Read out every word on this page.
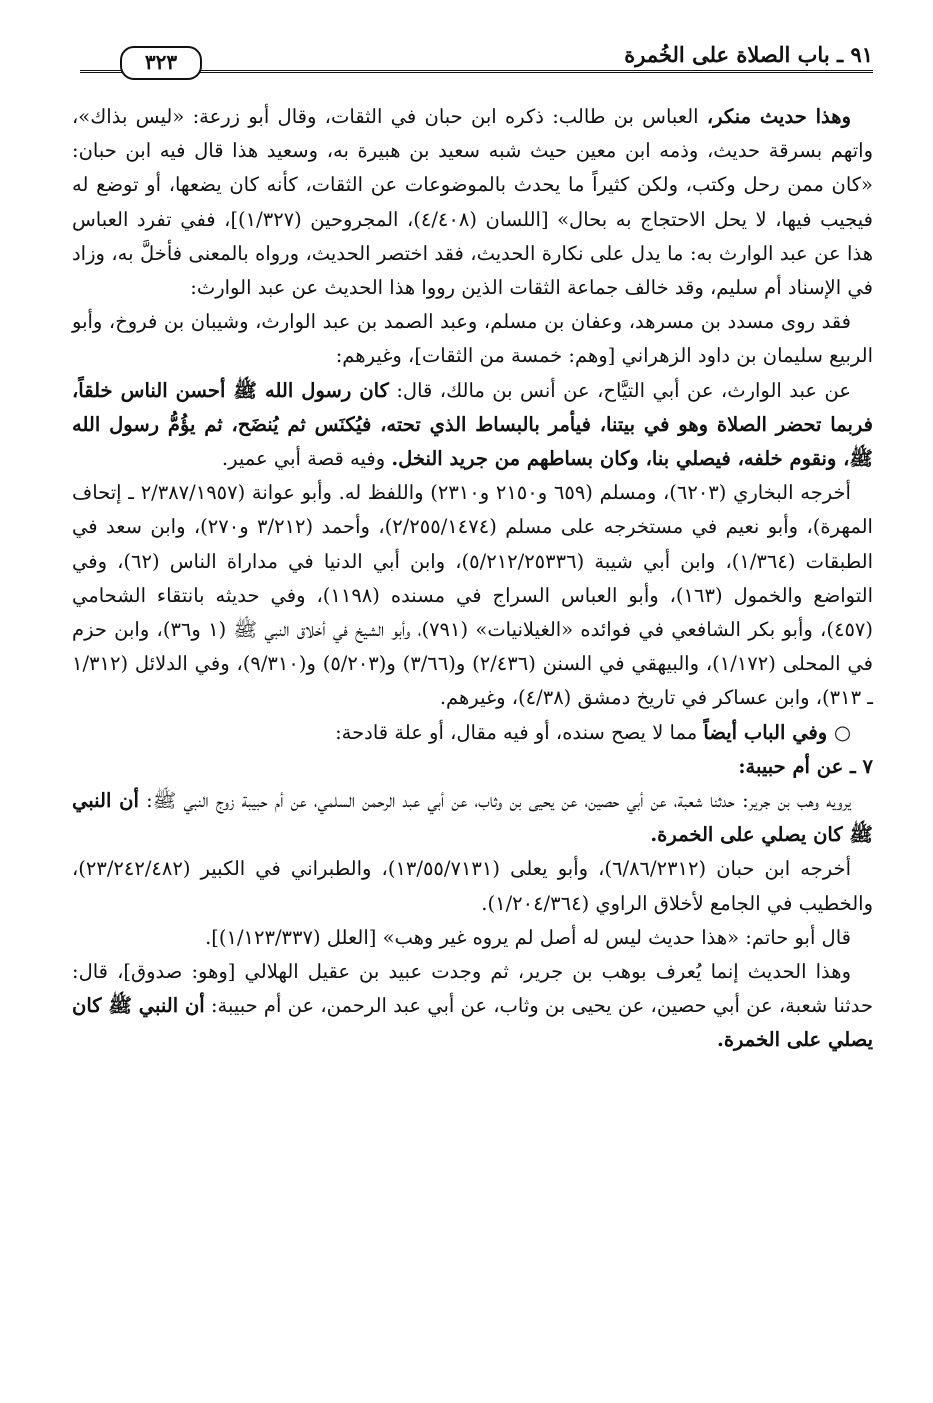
٩١ ـ باب الصلاة على الخُمرة
٣٢٣

وهذا حديث منكر، العباس بن طالب: ذكره ابن حبان في الثقات، وقال أبو زرعة: «ليس بذاك»، واتهم بسرقة حديث، وذمه ابن معين حيث شبه سعيد بن هبيرة به، وسعيد هذا قال فيه ابن حبان: «كان ممن رحل وكتب، ولكن كثيراً ما يحدث بالموضوعات عن الثقات، كأنه كان يضعها، أو توضع له فيجيب فيها، لا يحل الاحتجاج به بحال» [اللسان (٤/٤٠٨)، المجروحين (١/٣٢٧)]، ففي تفرد العباس هذا عن عبد الوارث به: ما يدل على نكارة الحديث، فقد اختصر الحديث، ورواه بالمعنى فأخلَّ به، وزاد في الإسناد أم سليم، وقد خالف جماعة الثقات الذين رووا هذا الحديث عن عبد الوارث:

فقد روى مسدد بن مسرهد، وعفان بن مسلم، وعبد الصمد بن عبد الوارث، وشيبان بن فروخ، وأبو الربيع سليمان بن داود الزهراني [وهم: خمسة من الثقات]، وغيرهم:

عن عبد الوارث، عن أبي التيَّاح، عن أنس بن مالك، قال: كان رسول الله ﷺ أحسن الناس خلقاً، فربما تحضر الصلاة وهو في بيتنا، فيأمر بالبساط الذي تحته، فيُكنَس ثم يُنضَح، ثم يؤُمُّ رسول الله ﷺ، ونقوم خلفه، فيصلي بنا، وكان بساطهم من جريد النخل. وفيه قصة أبي عمير.

أخرجه البخاري (٦٢٠٣)، ومسلم (٦٥٩ و٢١٥٠ و٢٣١٠) واللفظ له. وأبو عوانة (٢/٣٨٧/١٩٥٧ ـ إتحاف المهرة)، وأبو نعيم في مستخرجه على مسلم (٢/٢٥٥/١٤٧٤)، وأحمد (٣/٢١٢ و٢٧٠)، وابن سعد في الطبقات (١/٣٦٤)، وابن أبي شيبة (٥/٢١٢/٢٥٣٣٦)، وابن أبي الدنيا في مداراة الناس (٦٢)، وفي التواضع والخمول (١٦٣)، وأبو العباس السراج في مسنده (١١٩٨)، وفي حديثه بانتقاء الشحامي (٤٥٧)، وأبو بكر الشافعي في فوائده «الغيلانيات» (٧٩١)، وأبو الشيخ في أخلاق النبي ﷺ (١ و٣٦)، وابن حزم في المحلى (١/١٧٢)، والبيهقي في السنن (٢/٤٣٦) و(٣/٦٦) و(٥/٢٠٣) و(٩/٣١٠)، وفي الدلائل (١/٣١٢ ـ ٣١٣)، وابن عساكر في تاريخ دمشق (٤/٣٨)، وغيرهم.

○ وفي الباب أيضاً مما لا يصح سنده، أو فيه مقال، أو علة قادحة:

٧ ـ عن أم حبيبة:

يرويه وهب بن جرير: حدثنا شعبة، عن أبي حصين، عن يحيى بن وثاب، عن أبي عبد الرحمن السلمي، عن أم حبيبة زوج النبي ﷺ: أن النبي ﷺ كان يصلي على الخمرة.

أخرجه ابن حبان (٦/٨٦/٢٣١٢)، وأبو يعلى (١٣/٥٥/٧١٣١)، والطبراني في الكبير (٢٣/٢٤٢/٤٨٢)، والخطيب في الجامع لأخلاق الراوي (١/٢٠٤/٣٦٤).

قال أبو حاتم: «هذا حديث ليس له أصل لم يروه غير وهب» [العلل (١/١٢٣/٣٣٧)].

وهذا الحديث إنما يُعرف بوهب بن جرير، ثم وجدت عبيد بن عقيل الهلالي [وهو: صدوق]، قال: حدثنا شعبة، عن أبي حصين، عن يحيى بن وثاب، عن أبي عبد الرحمن، عن أم حبيبة: أن النبي ﷺ كان يصلي على الخمرة.
